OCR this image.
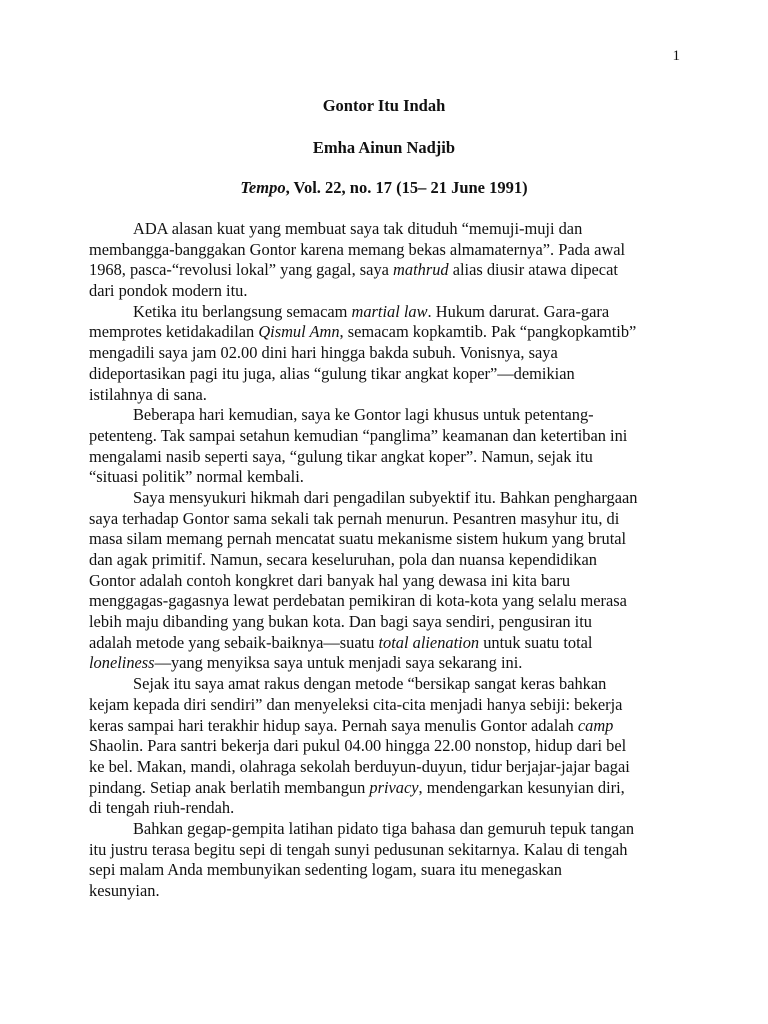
1
Gontor Itu Indah
Emha Ainun Nadjib
Tempo, Vol. 22, no. 17 (15– 21 June 1991)
ADA alasan kuat yang membuat saya tak dituduh “memuji-muji dan
membangga-banggakan Gontor karena memang bekas almamaternya”. Pada awal
1968, pasca-“revolusi lokal” yang gagal, saya mathrud alias diusir atawa dipecat
dari pondok modern itu.
Ketika itu berlangsung semacam martial law. Hukum darurat. Gara-gara
memprotes ketidakadilan Qismul Amn, semacam kopkamtib. Pak “pangkopkamtib”
mengadili saya jam 02.00 dini hari hingga bakda subuh. Vonisnya, saya
dideportasikan pagi itu juga, alias “gulung tikar angkat koper”—demikian
istilahnya di sana.
Beberapa hari kemudian, saya ke Gontor lagi khusus untuk petentang-
petenteng. Tak sampai setahun kemudian “panglima” keamanan dan ketertiban ini
mengalami nasib seperti saya, “gulung tikar angkat koper”. Namun, sejak itu
“situasi politik” normal kembali.
Saya mensyukuri hikmah dari pengadilan subyektif itu. Bahkan penghargaan
saya terhadap Gontor sama sekali tak pernah menurun. Pesantren masyhur itu, di
masa silam memang pernah mencatat suatu mekanisme sistem hukum yang brutal
dan agak primitif. Namun, secara keseluruhan, pola dan nuansa kependidikan
Gontor adalah contoh kongkret dari banyak hal yang dewasa ini kita baru
menggagas-gagasnya lewat perdebatan pemikiran di kota-kota yang selalu merasa
lebih maju dibanding yang bukan kota. Dan bagi saya sendiri, pengusiran itu
adalah metode yang sebaik-baiknya—suatu total alienation untuk suatu total
loneliness—yang menyiksa saya untuk menjadi saya sekarang ini.
Sejak itu saya amat rakus dengan metode “bersikap sangat keras bahkan
kejam kepada diri sendiri” dan menyeleksi cita-cita menjadi hanya sebiji: bekerja
keras sampai hari terakhir hidup saya. Pernah saya menulis Gontor adalah camp
Shaolin. Para santri bekerja dari pukul 04.00 hingga 22.00 nonstop, hidup dari bel
ke bel. Makan, mandi, olahraga sekolah berduyun-duyun, tidur berjajar-jajar bagai
pindang. Setiap anak berlatih membangun privacy, mendengarkan kesunyian diri,
di tengah riuh-rendah.
Bahkan gegap-gempita latihan pidato tiga bahasa dan gemuruh tepuk tangan
itu justru terasa begitu sepi di tengah sunyi pedusunan sekitarnya. Kalau di tengah
sepi malam Anda membunyikan sedenting logam, suara itu menegaskan
kesunyian.
